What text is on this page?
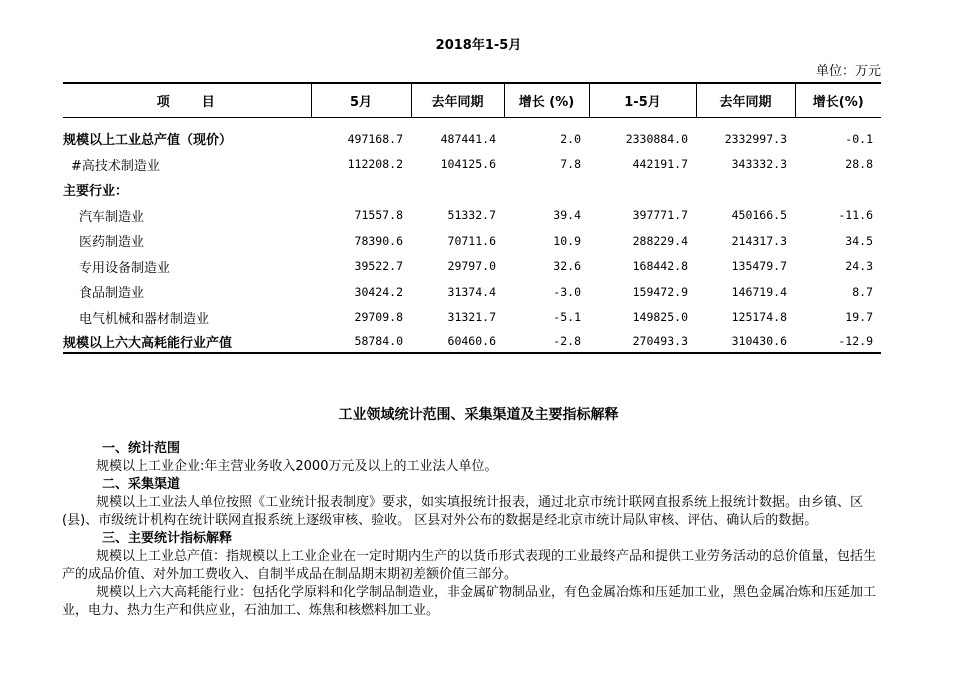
2018年1-5月
单位：万元
项　　目	5月	去年同期	增长 (%)	1-5月	去年同期	增长(%)

规模以上工业总产值（现价）	497168.7	487441.4	2.0	2330884.0	2332997.3	-0.1
#高技术制造业	112208.2	104125.6	7.8	442191.7	343332.3	28.8
主要行业：						
汽车制造业	71557.8	51332.7	39.4	397771.7	450166.5	-11.6
医药制造业	78390.6	70711.6	10.9	288229.4	214317.3	34.5
专用设备制造业	39522.7	29797.0	32.6	168442.8	135479.7	24.3
食品制造业	30424.2	31374.4	-3.0	159472.9	146719.4	8.7
电气机械和器材制造业	29709.8	31321.7	-5.1	149825.0	125174.8	19.7
规模以上六大高耗能行业产值	58784.0	60460.6	-2.8	270493.3	310430.6	-12.9
工业领域统计范围、采集渠道及主要指标解释
一、统计范围
规模以上工业企业:年主营业务收入2000万元及以上的工业法人单位。
二、采集渠道
规模以上工业法人单位按照《工业统计报表制度》要求，如实填报统计报表，通过北京市统计联网直报系统上报统计数据。由乡镇、区(县)、市级统计机构在统计联网直报系统上逐级审核、验收。 区县对外公布的数据是经北京市统计局队审核、评估、确认后的数据。
三、主要统计指标解释
规模以上工业总产值：指规模以上工业企业在一定时期内生产的以货币形式表现的工业最终产品和提供工业劳务活动的总价值量，包括生产的成品价值、对外加工费收入、自制半成品在制品期末期初差额价值三部分。
规模以上六大高耗能行业：包括化学原料和化学制品制造业，非金属矿物制品业，有色金属冶炼和压延加工业，黑色金属冶炼和压延加工业，电力、热力生产和供应业，石油加工、炼焦和核燃料加工业。
